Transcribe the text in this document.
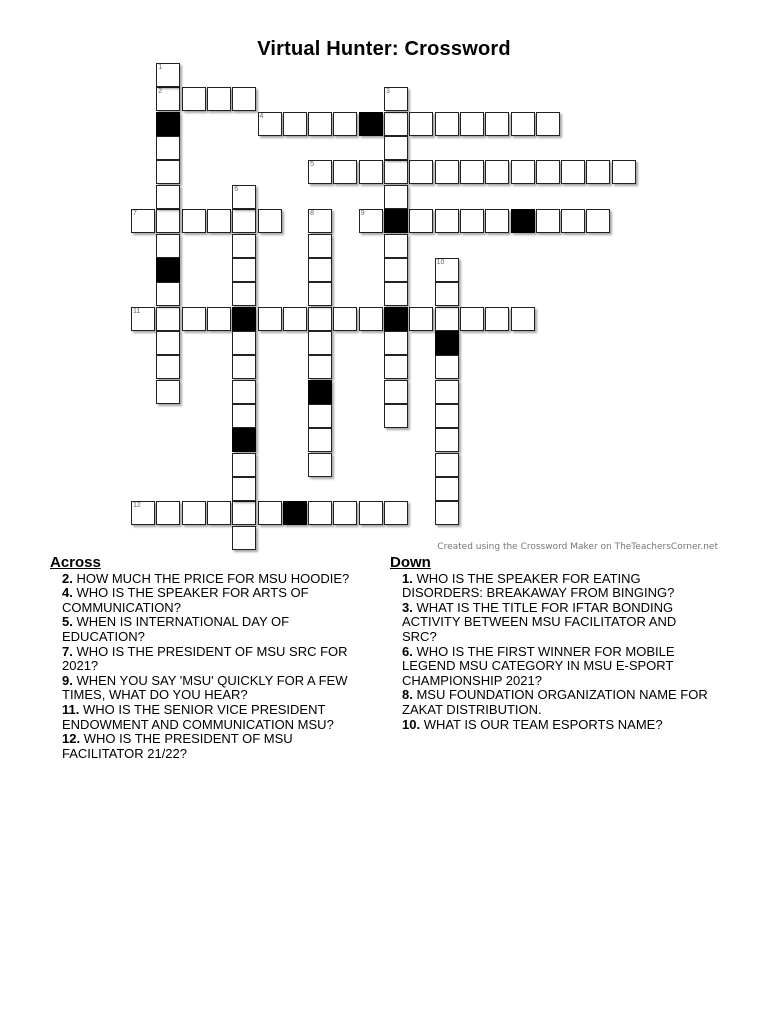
Virtual Hunter: Crossword
1
2	3
4
5
6
7	8	9
10
11
12
Created using the Crossword Maker on TheTeachersCorner.net
Across
2. HOW MUCH THE PRICE FOR MSU HOODIE?
4. WHO IS THE SPEAKER FOR ARTS OF COMMUNICATION?
5. WHEN IS INTERNATIONAL DAY OF EDUCATION?
7. WHO IS THE PRESIDENT OF MSU SRC FOR 2021?
9. WHEN YOU SAY 'MSU' QUICKLY FOR A FEW TIMES, WHAT DO YOU HEAR?
11. WHO IS THE SENIOR VICE PRESIDENT ENDOWMENT AND COMMUNICATION MSU?
12. WHO IS THE PRESIDENT OF MSU FACILITATOR 21/22?
Down
1. WHO IS THE SPEAKER FOR EATING DISORDERS: BREAKAWAY FROM BINGING?
3. WHAT IS THE TITLE FOR IFTAR BONDING ACTIVITY BETWEEN MSU FACILITATOR AND SRC?
6. WHO IS THE FIRST WINNER FOR MOBILE LEGEND MSU CATEGORY IN MSU E-SPORT CHAMPIONSHIP 2021?
8. MSU FOUNDATION ORGANIZATION NAME FOR ZAKAT DISTRIBUTION.
10. WHAT IS OUR TEAM ESPORTS NAME?
